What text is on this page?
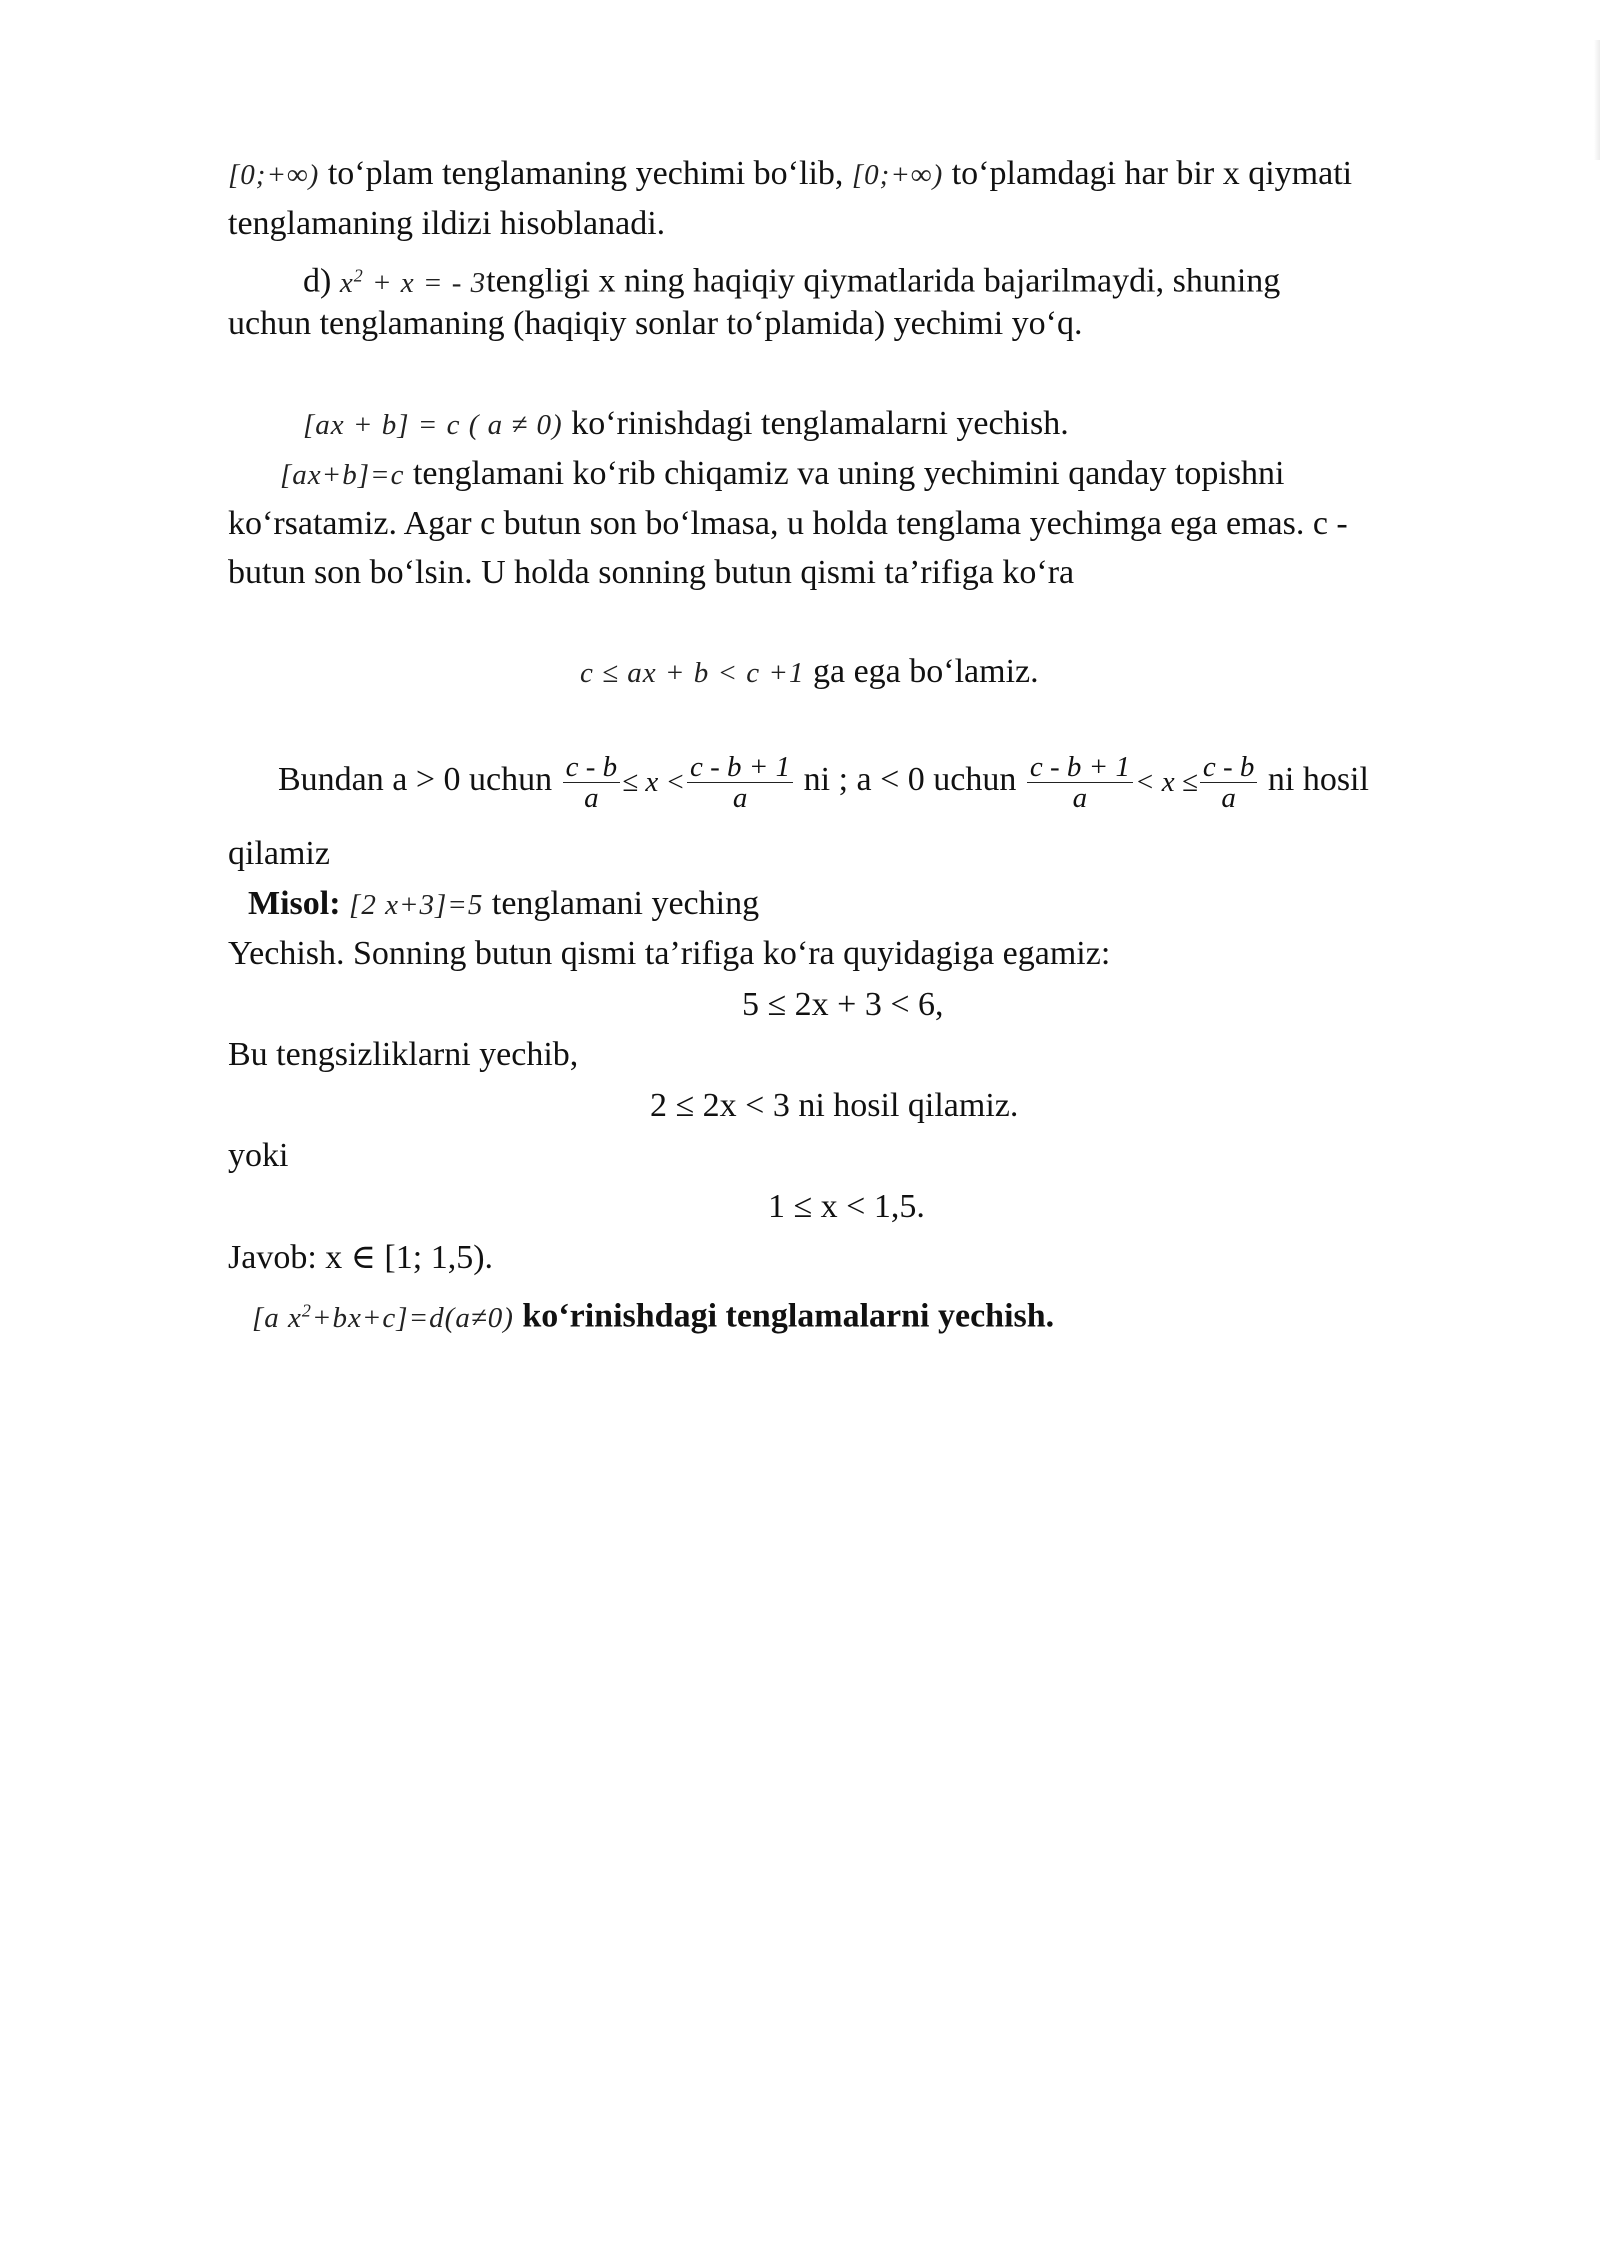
[0;+∞) to‘plam tenglamaning yechimi bo‘lib, [0;+∞) to‘plamdagi har bir x qiymati
tenglamaning ildizi hisoblanadi.
d) $x^2 + x$ = - 3tengligi x ning haqiqiy qiymatlarida bajarilmaydi, shuning
uchun tenglamaning (haqiqiy sonlar to‘plamida) yechimi yo‘q.
[ax + b] = c ( a ≠ 0) ko‘rinishdagi tenglamalarni yechish.
[ax+b]=c tenglamani ko‘rib chiqamiz va uning yechimini qanday topishni
ko‘rsatamiz. Agar c butun son bo‘lmasa, u holda tenglama yechimga ega emas. c -
butun son bo‘lsin. U holda sonning butun qismi ta’rifiga ko‘ra
c ≤ ax + b < c +1 ga ega bo‘lamiz.
Bundan a > 0 uchun $\frac{c - b}{a} \le x < \frac{c - b + 1}{a}$ ni ; a < 0 uchun $\frac{c - b + 1}{a} < x \le \frac{c - b}{a}$ ni hosil
qilamiz
Misol: [2 x+3]=5 tenglamani yeching
Yechish. Sonning butun qismi ta’rifiga ko‘ra quyidagiga egamiz:
5 ≤ 2x + 3 < 6,
Bu tengsizliklarni yechib,
2 ≤ 2x < 3 ni hosil qilamiz.
yoki
1 ≤ x < 1,5.
Javob: x ∈ [1; 1,5).
[a $x^2+bx+c]=d(a\ne 0)$ ko‘rinishdagi tenglamalarni yechish.
